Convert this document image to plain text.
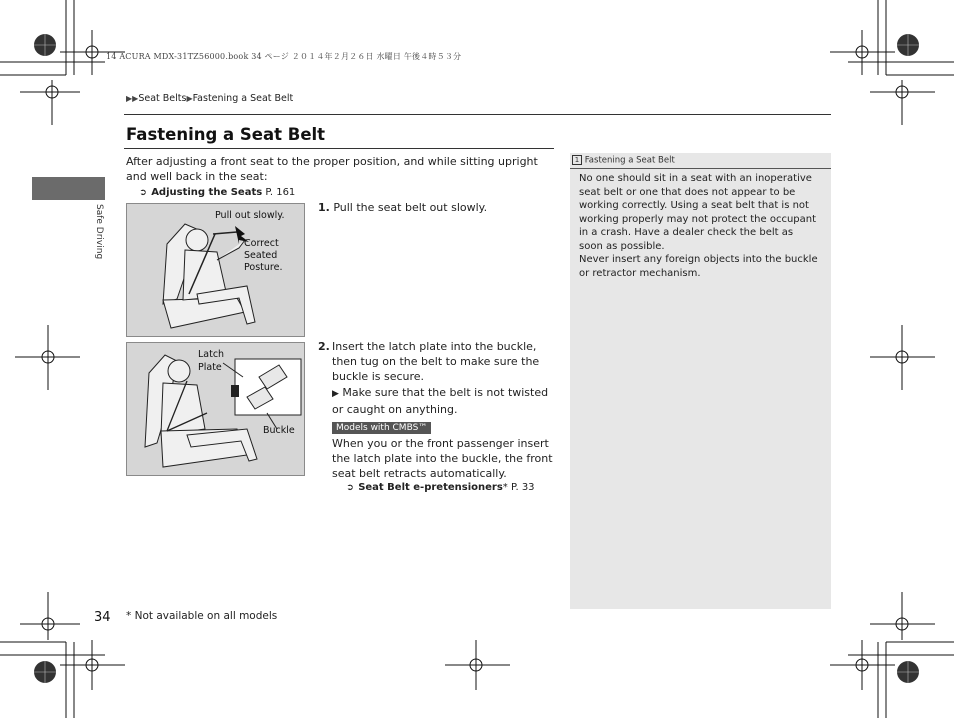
14 ACURA MDX-31TZ56000.book 34 ページ ２０１４年２月２６日 水曜日 午後４時５３分
▶▶Seat Belts▶Fastening a Seat Belt
Safe Driving
Fastening a Seat Belt
After adjusting a front seat to the proper position, and while sitting upright and well back in the seat:
➲ Adjusting the Seats P. 161
Pull out slowly.
Correct
Seated
Posture.
Latch
Plate
Buckle
1. Pull the seat belt out slowly.
2. Insert the latch plate into the buckle, then tug on the belt to make sure the buckle is secure.
▶ Make sure that the belt is not twisted or caught on anything.
Models with CMBS™
When you or the front passenger insert the latch plate into the buckle, the front seat belt retracts automatically.
➲ Seat Belt e-pretensioners* P. 33
1 Fastening a Seat Belt
No one should sit in a seat with an inoperative seat belt or one that does not appear to be working correctly. Using a seat belt that is not working properly may not protect the occupant in a crash. Have a dealer check the belt as soon as possible.
Never insert any foreign objects into the buckle or retractor mechanism.
34 * Not available on all models
